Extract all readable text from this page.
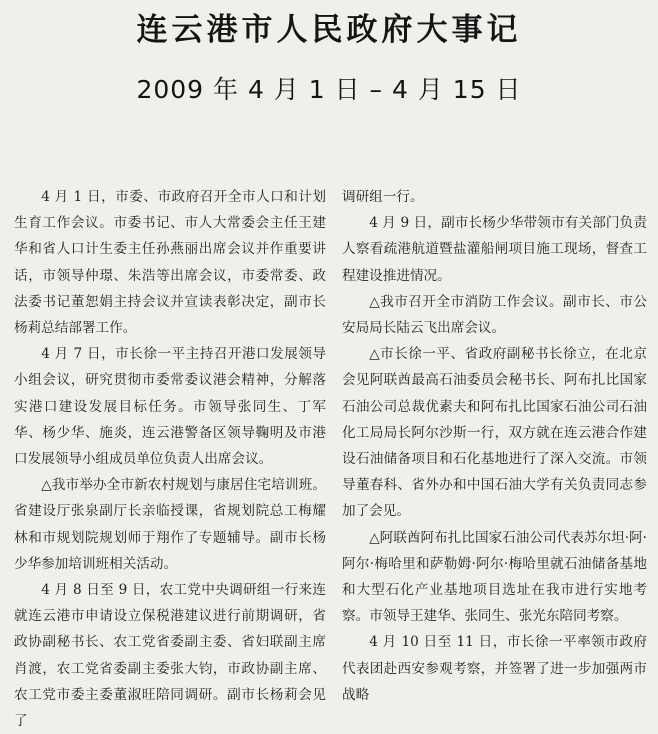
连云港市人民政府大事记
2009 年 4 月 1 日 – 4 月 15 日

4 月 1 日，市委、市政府召开全市人口和计划生育工作会议。市委书记、市人大常委会主任王建华和省人口计生委主任孙燕丽出席会议并作重要讲话，市领导仲璟、朱浩等出席会议，市委常委、政法委书记董恕娟主持会议并宣读表彰决定，副市长杨莉总结部署工作。

4 月 7 日，市长徐一平主持召开港口发展领导小组会议，研究贯彻市委常委议港会精神，分解落实港口建设发展目标任务。市领导张同生、丁军华、杨少华、施炎，连云港警备区领导鞠明及市港口发展领导小组成员单位负责人出席会议。

△我市举办全市新农村规划与康居住宅培训班。省建设厅张泉副厅长亲临授课，省规划院总工梅耀林和市规划院规划师于翔作了专题辅导。副市长杨少华参加培训班相关活动。

4 月 8 日至 9 日，农工党中央调研组一行来连就连云港市申请设立保税港建议进行前期调研，省政协副秘书长、农工党省委副主委、省妇联副主席肖渡，农工党省委副主委张大钧，市政协副主席、农工党市委主委董淑旺陪同调研。副市长杨莉会见了

调研组一行。

4 月 9 日，副市长杨少华带领市有关部门负责人察看疏港航道暨盐灌船闸项目施工现场，督查工程建设推进情况。

△我市召开全市消防工作会议。副市长、市公安局局长陆云飞出席会议。

△市长徐一平、省政府副秘书长徐立，在北京会见阿联酋最高石油委员会秘书长、阿布扎比国家石油公司总裁优素夫和阿布扎比国家石油公司石油化工局局长阿尔沙斯一行，双方就在连云港合作建设石油储备项目和石化基地进行了深入交流。市领导董春科、省外办和中国石油大学有关负责同志参加了会见。

△阿联酋阿布扎比国家石油公司代表苏尔坦·阿·阿尔·梅哈里和萨勒姆·阿尔·梅哈里就石油储备基地和大型石化产业基地项目选址在我市进行实地考察。市领导王建华、张同生、张光东陪同考察。

4 月 10 日至 11 日，市长徐一平率领市政府代表团赴西安参观考察，并签署了进一步加强两市战略
